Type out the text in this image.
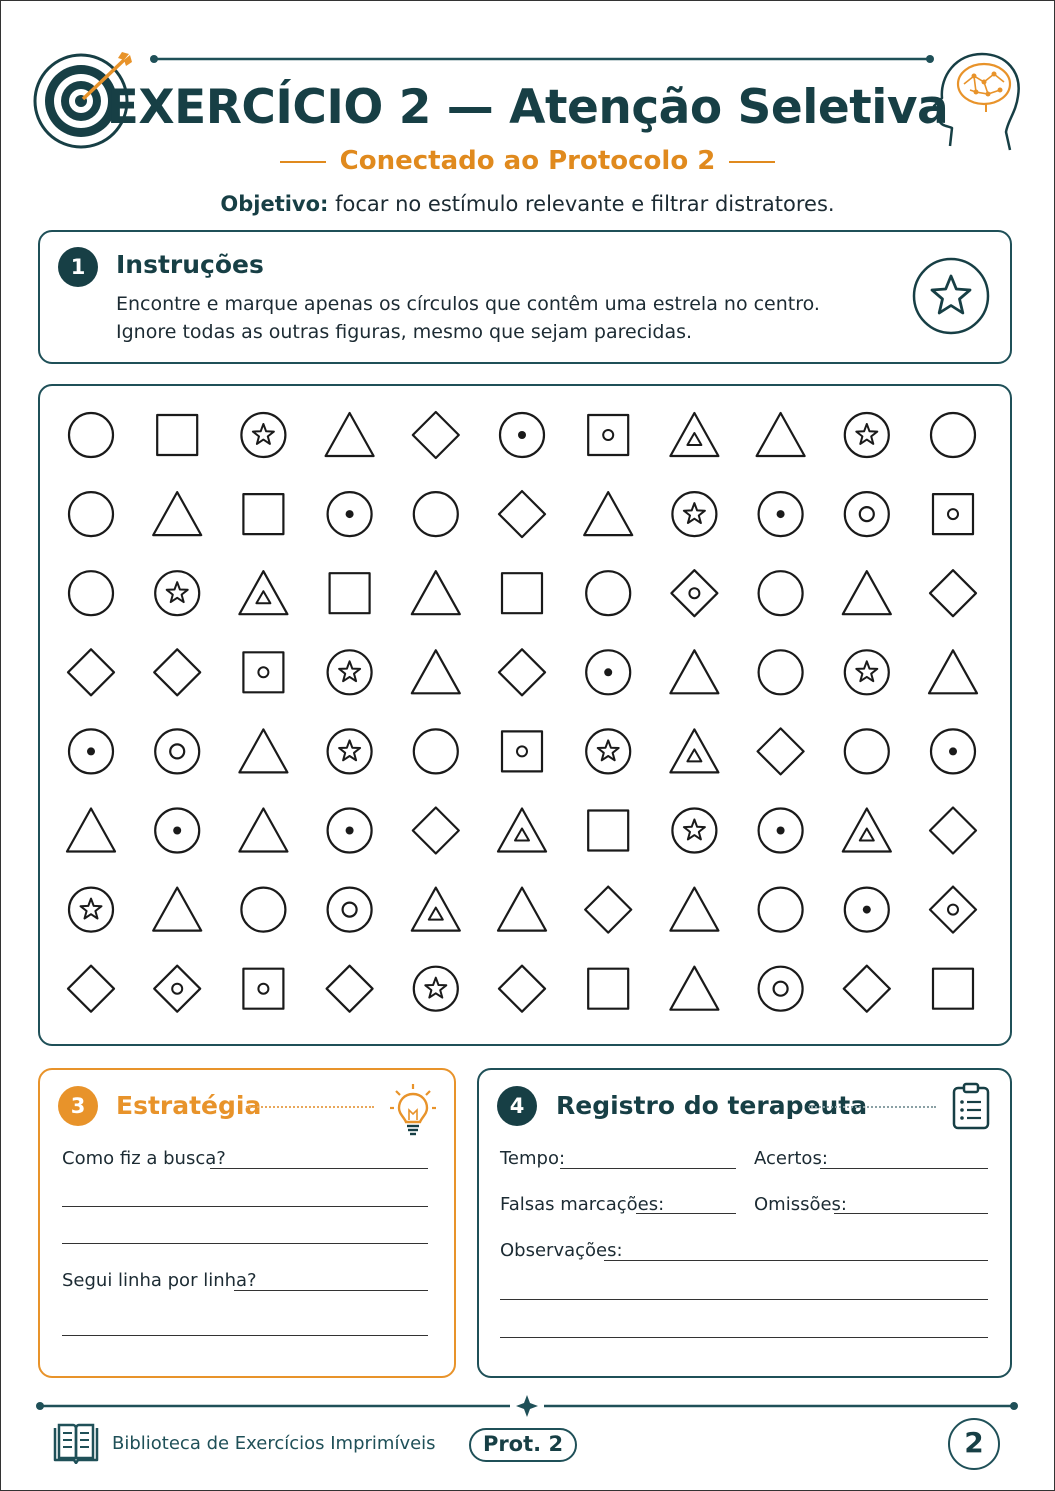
EXERCÍCIO 2 — Atenção Seletiva
Conectado ao Protocolo 2
Objetivo: focar no estímulo relevante e filtrar distratores.
1	Instruções
Encontre e marque apenas os círculos que contêm uma estrela no centro.
Ignore todas as outras figuras, mesmo que sejam parecidas.
3	Estratégia
Como fiz a busca?
Segui linha por linha?
4	Registro do terapeuta
Tempo:	Acertos:
Falsas marcações:	Omissões:
Observações:
Biblioteca de Exercícios Imprimíveis	Prot. 2	2
